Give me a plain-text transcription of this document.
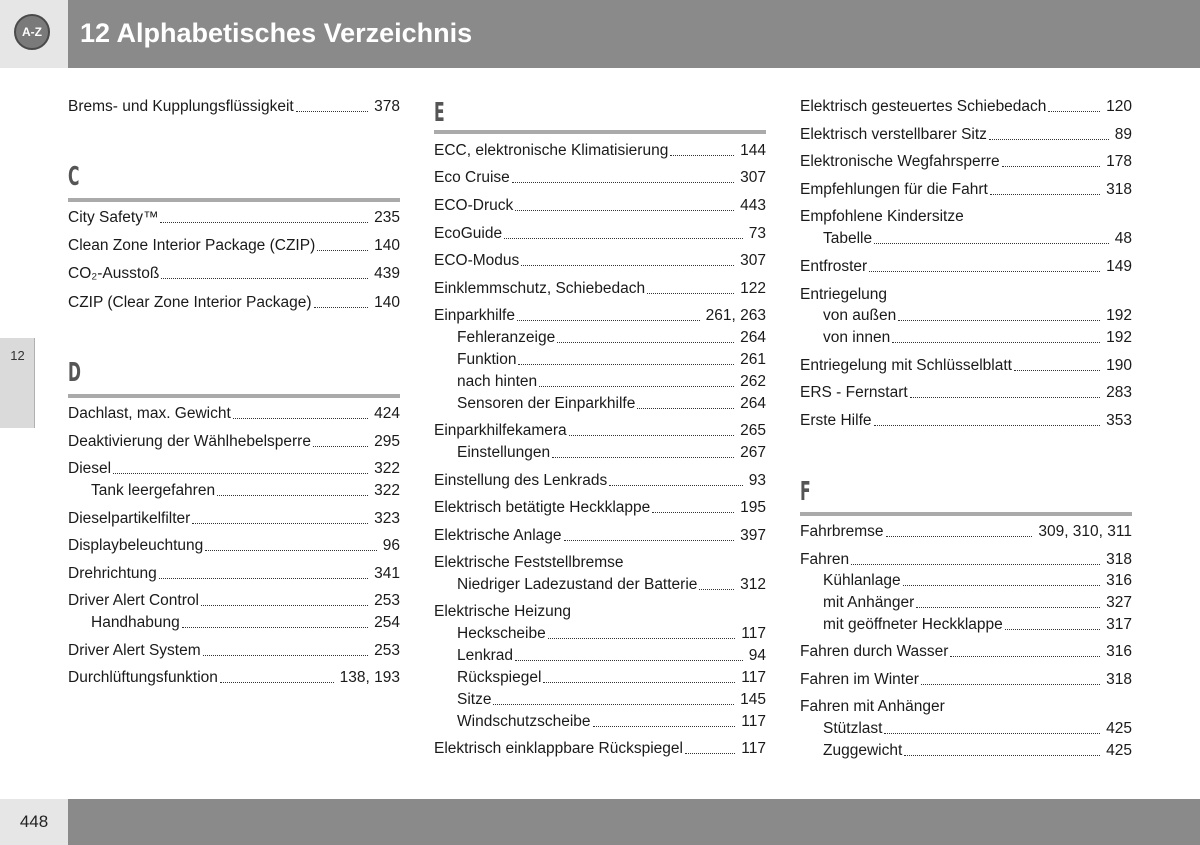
A-Z 12 Alphabetisches Verzeichnis
12
Brems- und Kupplungsflüssigkeit	378
C
City Safety™	235
Clean Zone Interior Package (CZIP)	140
CO₂-Ausstoß	439
CZIP (Clear Zone Interior Package)	140
D
Dachlast, max. Gewicht	424
Deaktivierung der Wählhebelsperre	295
Diesel	322
Tank leergefahren	322
Dieselpartikelfilter	323
Displaybeleuchtung	96
Drehrichtung	341
Driver Alert Control	253
Handhabung	254
Driver Alert System	253
Durchlüftungsfunktion	138, 193
E
ECC, elektronische Klimatisierung	144
Eco Cruise	307
ECO-Druck	443
EcoGuide	73
ECO-Modus	307
Einklemmschutz, Schiebedach	122
Einparkhilfe	261, 263
Fehleranzeige	264
Funktion	261
nach hinten	262
Sensoren der Einparkhilfe	264
Einparkhilfekamera	265
Einstellungen	267
Einstellung des Lenkrads	93
Elektrisch betätigte Heckklappe	195
Elektrische Anlage	397
Elektrische Feststellbremse
Niedriger Ladezustand der Batterie	312
Elektrische Heizung
Heckscheibe	117
Lenkrad	94
Rückspiegel	117
Sitze	145
Windschutzscheibe	117
Elektrisch einklappbare Rückspiegel	117
Elektrisch gesteuertes Schiebedach	120
Elektrisch verstellbarer Sitz	89
Elektronische Wegfahrsperre	178
Empfehlungen für die Fahrt	318
Empfohlene Kindersitze
Tabelle	48
Entfroster	149
Entriegelung
von außen	192
von innen	192
Entriegelung mit Schlüsselblatt	190
ERS - Fernstart	283
Erste Hilfe	353
F
Fahrbremse	309, 310, 311
Fahren	318
Kühlanlage	316
mit Anhänger	327
mit geöffneter Heckklappe	317
Fahren durch Wasser	316
Fahren im Winter	318
Fahren mit Anhänger
Stützlast	425
Zuggewicht	425
448
